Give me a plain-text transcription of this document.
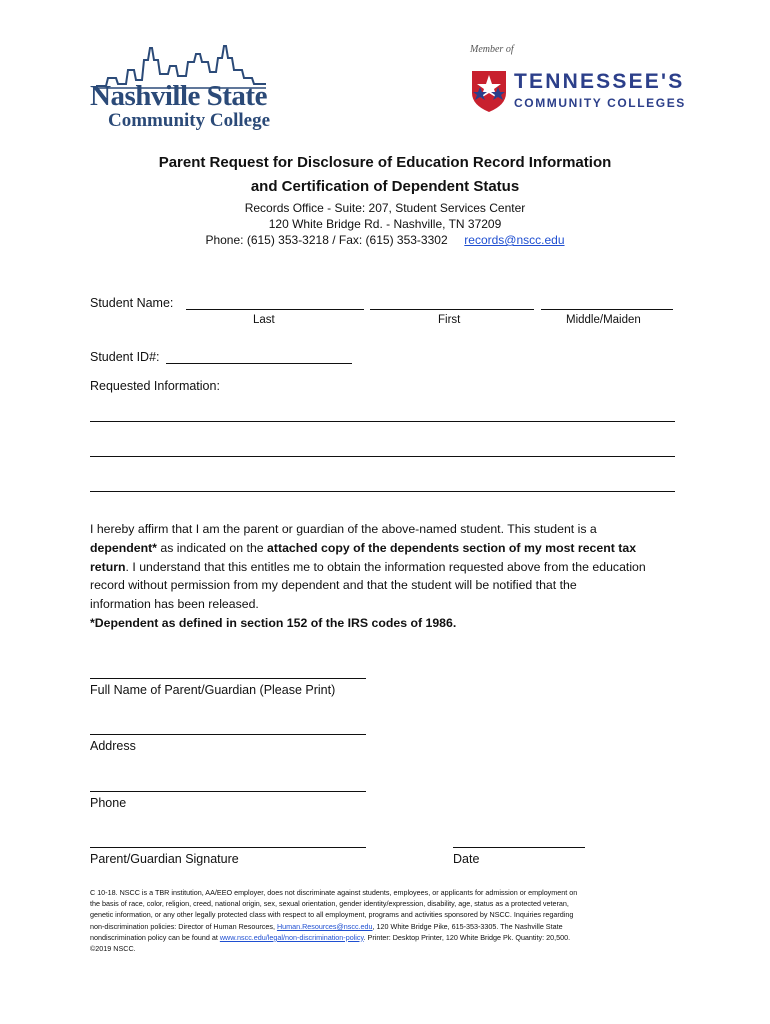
Nashville State
Community College
Member of
TENNESSEE'S
COMMUNITY COLLEGES
Parent Request for Disclosure of Education Record Information
and Certification of Dependent Status
Records Office - Suite: 207, Student Services Center
120 White Bridge Rd. - Nashville, TN 37209
Phone: (615) 353-3218 / Fax: (615) 353-3302 records@nscc.edu
Student Name:
Last	First	Middle/Maiden
Student ID#:
Requested Information:
I hereby affirm that I am the parent or guardian of the above-named student. This student is a
dependent* as indicated on the attached copy of the dependents section of my most recent tax
return. I understand that this entitles me to obtain the information requested above from the education
record without permission from my dependent and that the student will be notified that the
information has been released.
*Dependent as defined in section 152 of the IRS codes of 1986.
Full Name of Parent/Guardian (Please Print)
Address
Phone
Parent/Guardian Signature	Date
C 10-18. NSCC is a TBR institution, AA/EEO employer, does not discriminate against students, employees, or applicants for admission or employment on
the basis of race, color, religion, creed, national origin, sex, sexual orientation, gender identity/expression, disability, age, status as a protected veteran,
genetic information, or any other legally protected class with respect to all employment, programs and activities sponsored by NSCC. Inquiries regarding
non-discrimination policies: Director of Human Resources, Human.Resources@nscc.edu, 120 White Bridge Pike, 615-353-3305. The Nashville State
nondiscrimination policy can be found at www.nscc.edu/legal/non-discrimination-policy. Printer: Desktop Printer, 120 White Bridge Pk. Quantity: 20,500.
©2019 NSCC.
